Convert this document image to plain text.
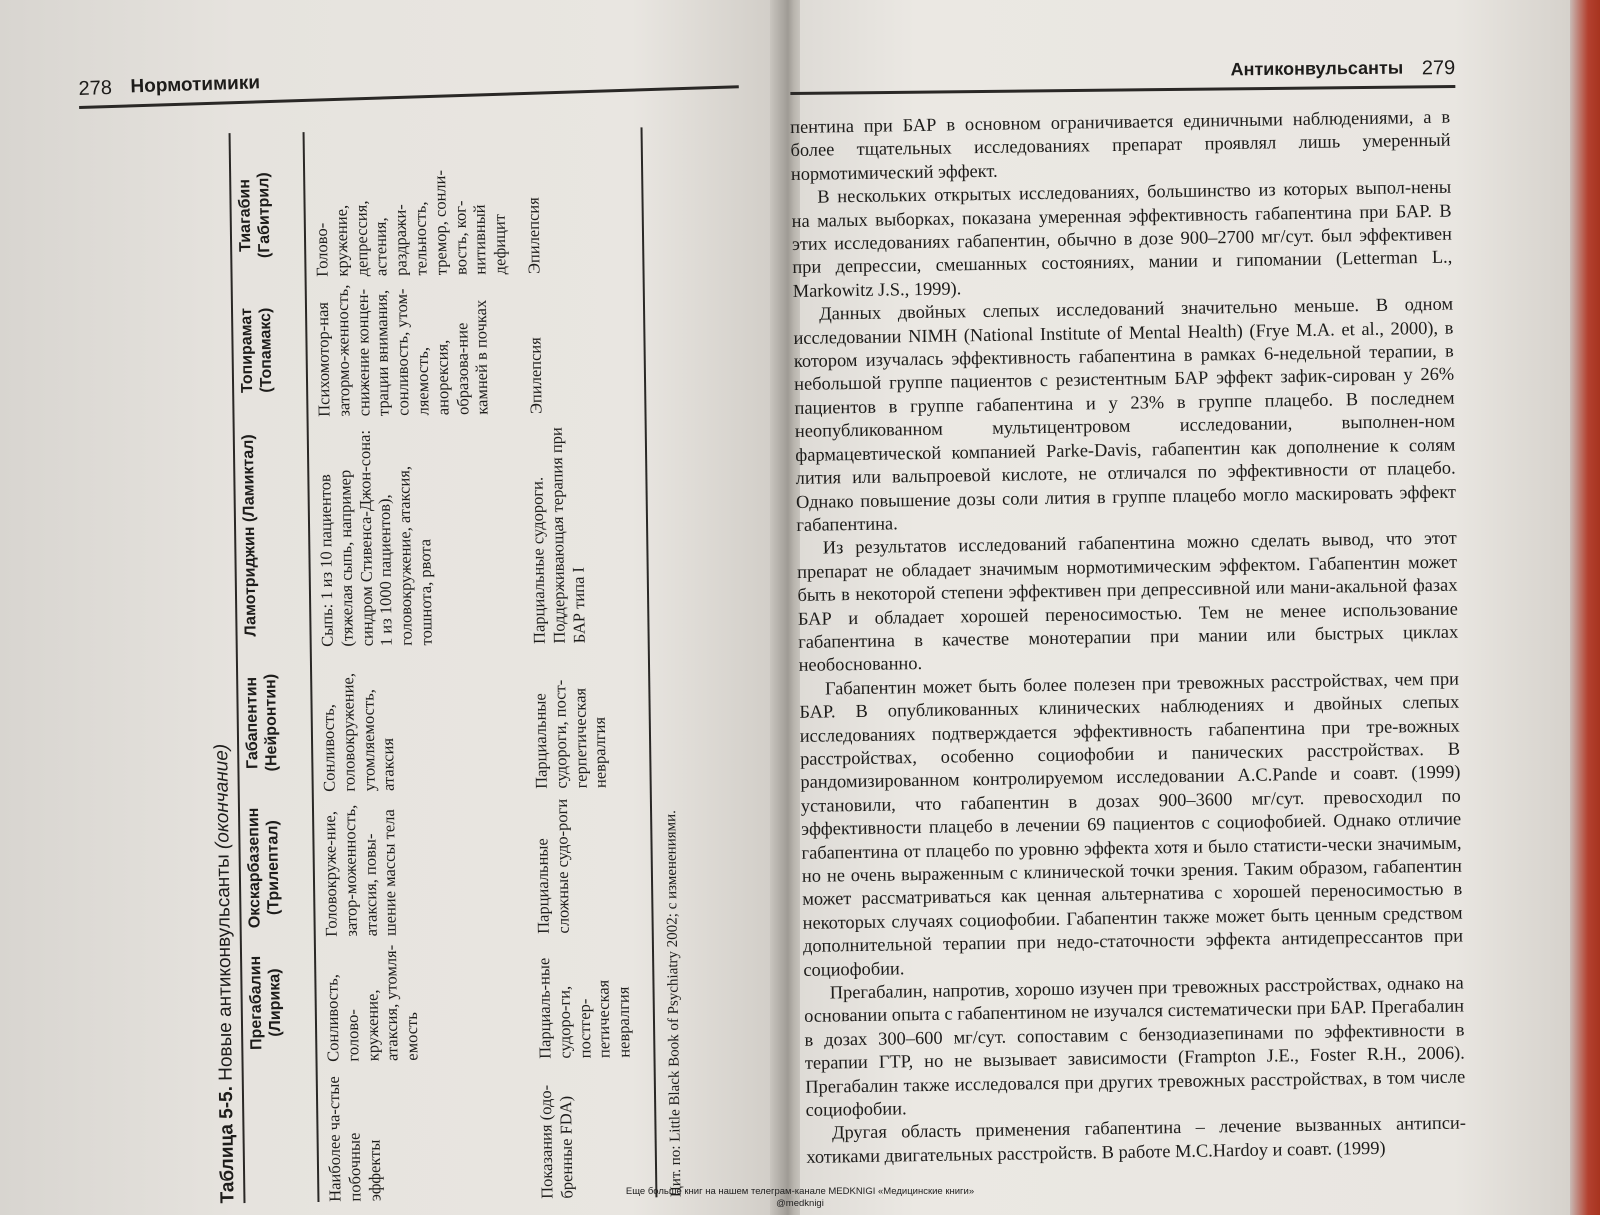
278 Нормотимики
Таблица 5-5. Новые антиконвульсанты (окончание)
Наиболее ча-стые побочные эффекты	Показания (одо-бренные FDA)
Прегабалин (Лирика)
Окскарбазепин (Трилептал)
Габапентин (Нейронтин)
Ламотриджин (Ламиктал)
Топирамат (Топамакс)
Тиагабин (Габитрил)
Сонливость, голово-кружение, атаксия, утомля-емость
Головокруже-ние, затор-моженность, атаксия, повы-шение массы тела
Сонливость, головокружение, утомляемость, атаксия
Сыпь: 1 из 10 пациентов (тяжелая сыпь, например синдром Стивенса-Джон-сона: 1 из 1000 пациентов), головокружение, атаксия, тошнота, рвота
Психомотор-ная затормо-женность, снижение концен-трации внимания, сонливость, утом-ляемость, анорексия, образова-ние камней в почках
Голово-кружение, депрессия, астения, раздражи-тельность, тремор, сонли-вость, ког-нитивный дефицит
Парциаль-ные судоро-ги, постгер-петическая невралгия
Парциальные сложные судо-роги
Парциальные судороги, пост-герпетическая невралгия
Парциальные судороги. Поддерживающая терапия при БАР типа I
Эпилепсия
Эпилепсия
Цит. по: Little Black Book of Psychiatry 2002; с изменениями.
Антиконвульсанты 279

пентина при БАР в основном ограничивается единичными наблюдениями, а в более тщательных исследованиях препарат проявлял лишь умеренный нормотимический эффект.

В нескольких открытых исследованиях, большинство из которых выпол-нены на малых выборках, показана умеренная эффективность габапентина при БАР. В этих исследованиях габапентин, обычно в дозе 900–2700 мг/сут. был эффективен при депрессии, смешанных состояниях, мании и гипомании (Letterman L., Markowitz J.S., 1999).

Данных двойных слепых исследований значительно меньше. В одном исследовании NIMH (National Institute of Mental Health) (Frye M.A. et al., 2000), в котором изучалась эффективность габапентина в рамках 6-недельной терапии, в небольшой группе пациентов с резистентным БАР эффект зафик-сирован у 26% пациентов в группе габапентина и у 23% в группе плацебо. В последнем неопубликованном мультицентровом исследовании, выполнен-ном фармацевтической компанией Parke-Davis, габапентин как дополнение к солям лития или вальпроевой кислоте, не отличался по эффективности от плацебо. Однако повышение дозы соли лития в группе плацебо могло маскировать эффект габапентина.

Из результатов исследований габапентина можно сделать вывод, что этот препарат не обладает значимым нормотимическим эффектом. Габапентин может быть в некоторой степени эффективен при депрессивной или мани-акальной фазах БАР и обладает хорошей переносимостью. Тем не менее использование габапентина в качестве монотерапии при мании или быстрых циклах необоснованно.

Габапентин может быть более полезен при тревожных расстройствах, чем при БАР. В опубликованных клинических наблюдениях и двойных слепых исследованиях подтверждается эффективность габапентина при тре-вожных расстройствах, особенно социофобии и панических расстройствах. В рандомизированном контролируемом исследовании A.C.Pande и соавт. (1999) установили, что габапентин в дозах 900–3600 мг/сут. превосходил по эффективности плацебо в лечении 69 пациентов с социофобией. Однако отличие габапентина от плацебо по уровню эффекта хотя и было статисти-чески значимым, но не очень выраженным с клинической точки зрения. Таким образом, габапентин может рассматриваться как ценная альтернатива с хорошей переносимостью в некоторых случаях социофобии. Габапентин также может быть ценным средством дополнительной терапии при недо-статочности эффекта антидепрессантов при социофобии.

Прегабалин, напротив, хорошо изучен при тревожных расстройствах, однако на основании опыта с габапентином не изучался систематически при БАР. Прегабалин в дозах 300–600 мг/сут. сопоставим с бензодиазепинами по эффективности в терапии ГТР, но не вызывает зависимости (Frampton J.E., Foster R.H., 2006). Прегабалин также исследовался при других тревожных расстройствах, в том числе социофобии.

Другая область применения габапентина – лечение вызванных антипси-хотиками двигательных расстройств. В работе M.C.Hardoy и соавт. (1999)

Еще больше книг на нашем телеграм-канале MEDKNIGI «Медицинские книги»
@medknigi
